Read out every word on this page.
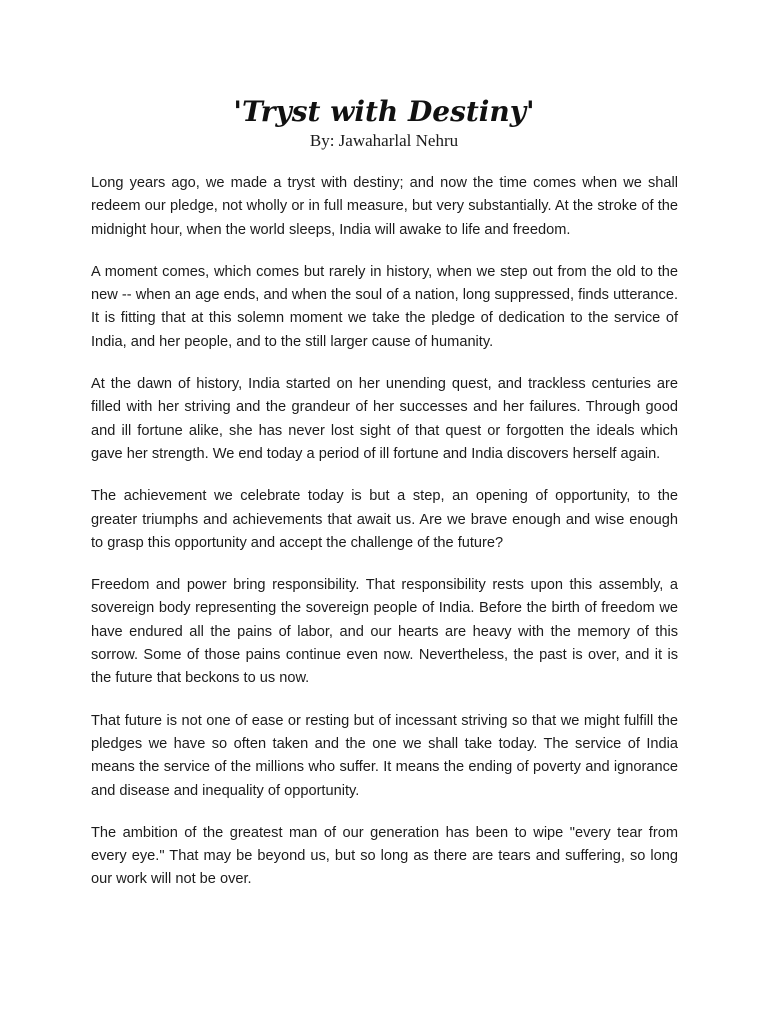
'Tryst with Destiny'

By: Jawaharlal Nehru

Long years ago, we made a tryst with destiny; and now the time comes when we shall redeem our pledge, not wholly or in full measure, but very substantially. At the stroke of the midnight hour, when the world sleeps, India will awake to life and freedom.

A moment comes, which comes but rarely in history, when we step out from the old to the new -- when an age ends, and when the soul of a nation, long suppressed, finds utterance. It is fitting that at this solemn moment we take the pledge of dedication to the service of India, and her people, and to the still larger cause of humanity.

At the dawn of history, India started on her unending quest, and trackless centuries are filled with her striving and the grandeur of her successes and her failures. Through good and ill fortune alike, she has never lost sight of that quest or forgotten the ideals which gave her strength. We end today a period of ill fortune and India discovers herself again.

The achievement we celebrate today is but a step, an opening of opportunity, to the greater triumphs and achievements that await us. Are we brave enough and wise enough to grasp this opportunity and accept the challenge of the future?

Freedom and power bring responsibility. That responsibility rests upon this assembly, a sovereign body representing the sovereign people of India. Before the birth of freedom we have endured all the pains of labor, and our hearts are heavy with the memory of this sorrow. Some of those pains continue even now. Nevertheless, the past is over, and it is the future that beckons to us now.

That future is not one of ease or resting but of incessant striving so that we might fulfill the pledges we have so often taken and the one we shall take today. The service of India means the service of the millions who suffer. It means the ending of poverty and ignorance and disease and inequality of opportunity.

The ambition of the greatest man of our generation has been to wipe "every tear from every eye." That may be beyond us, but so long as there are tears and suffering, so long our work will not be over.
